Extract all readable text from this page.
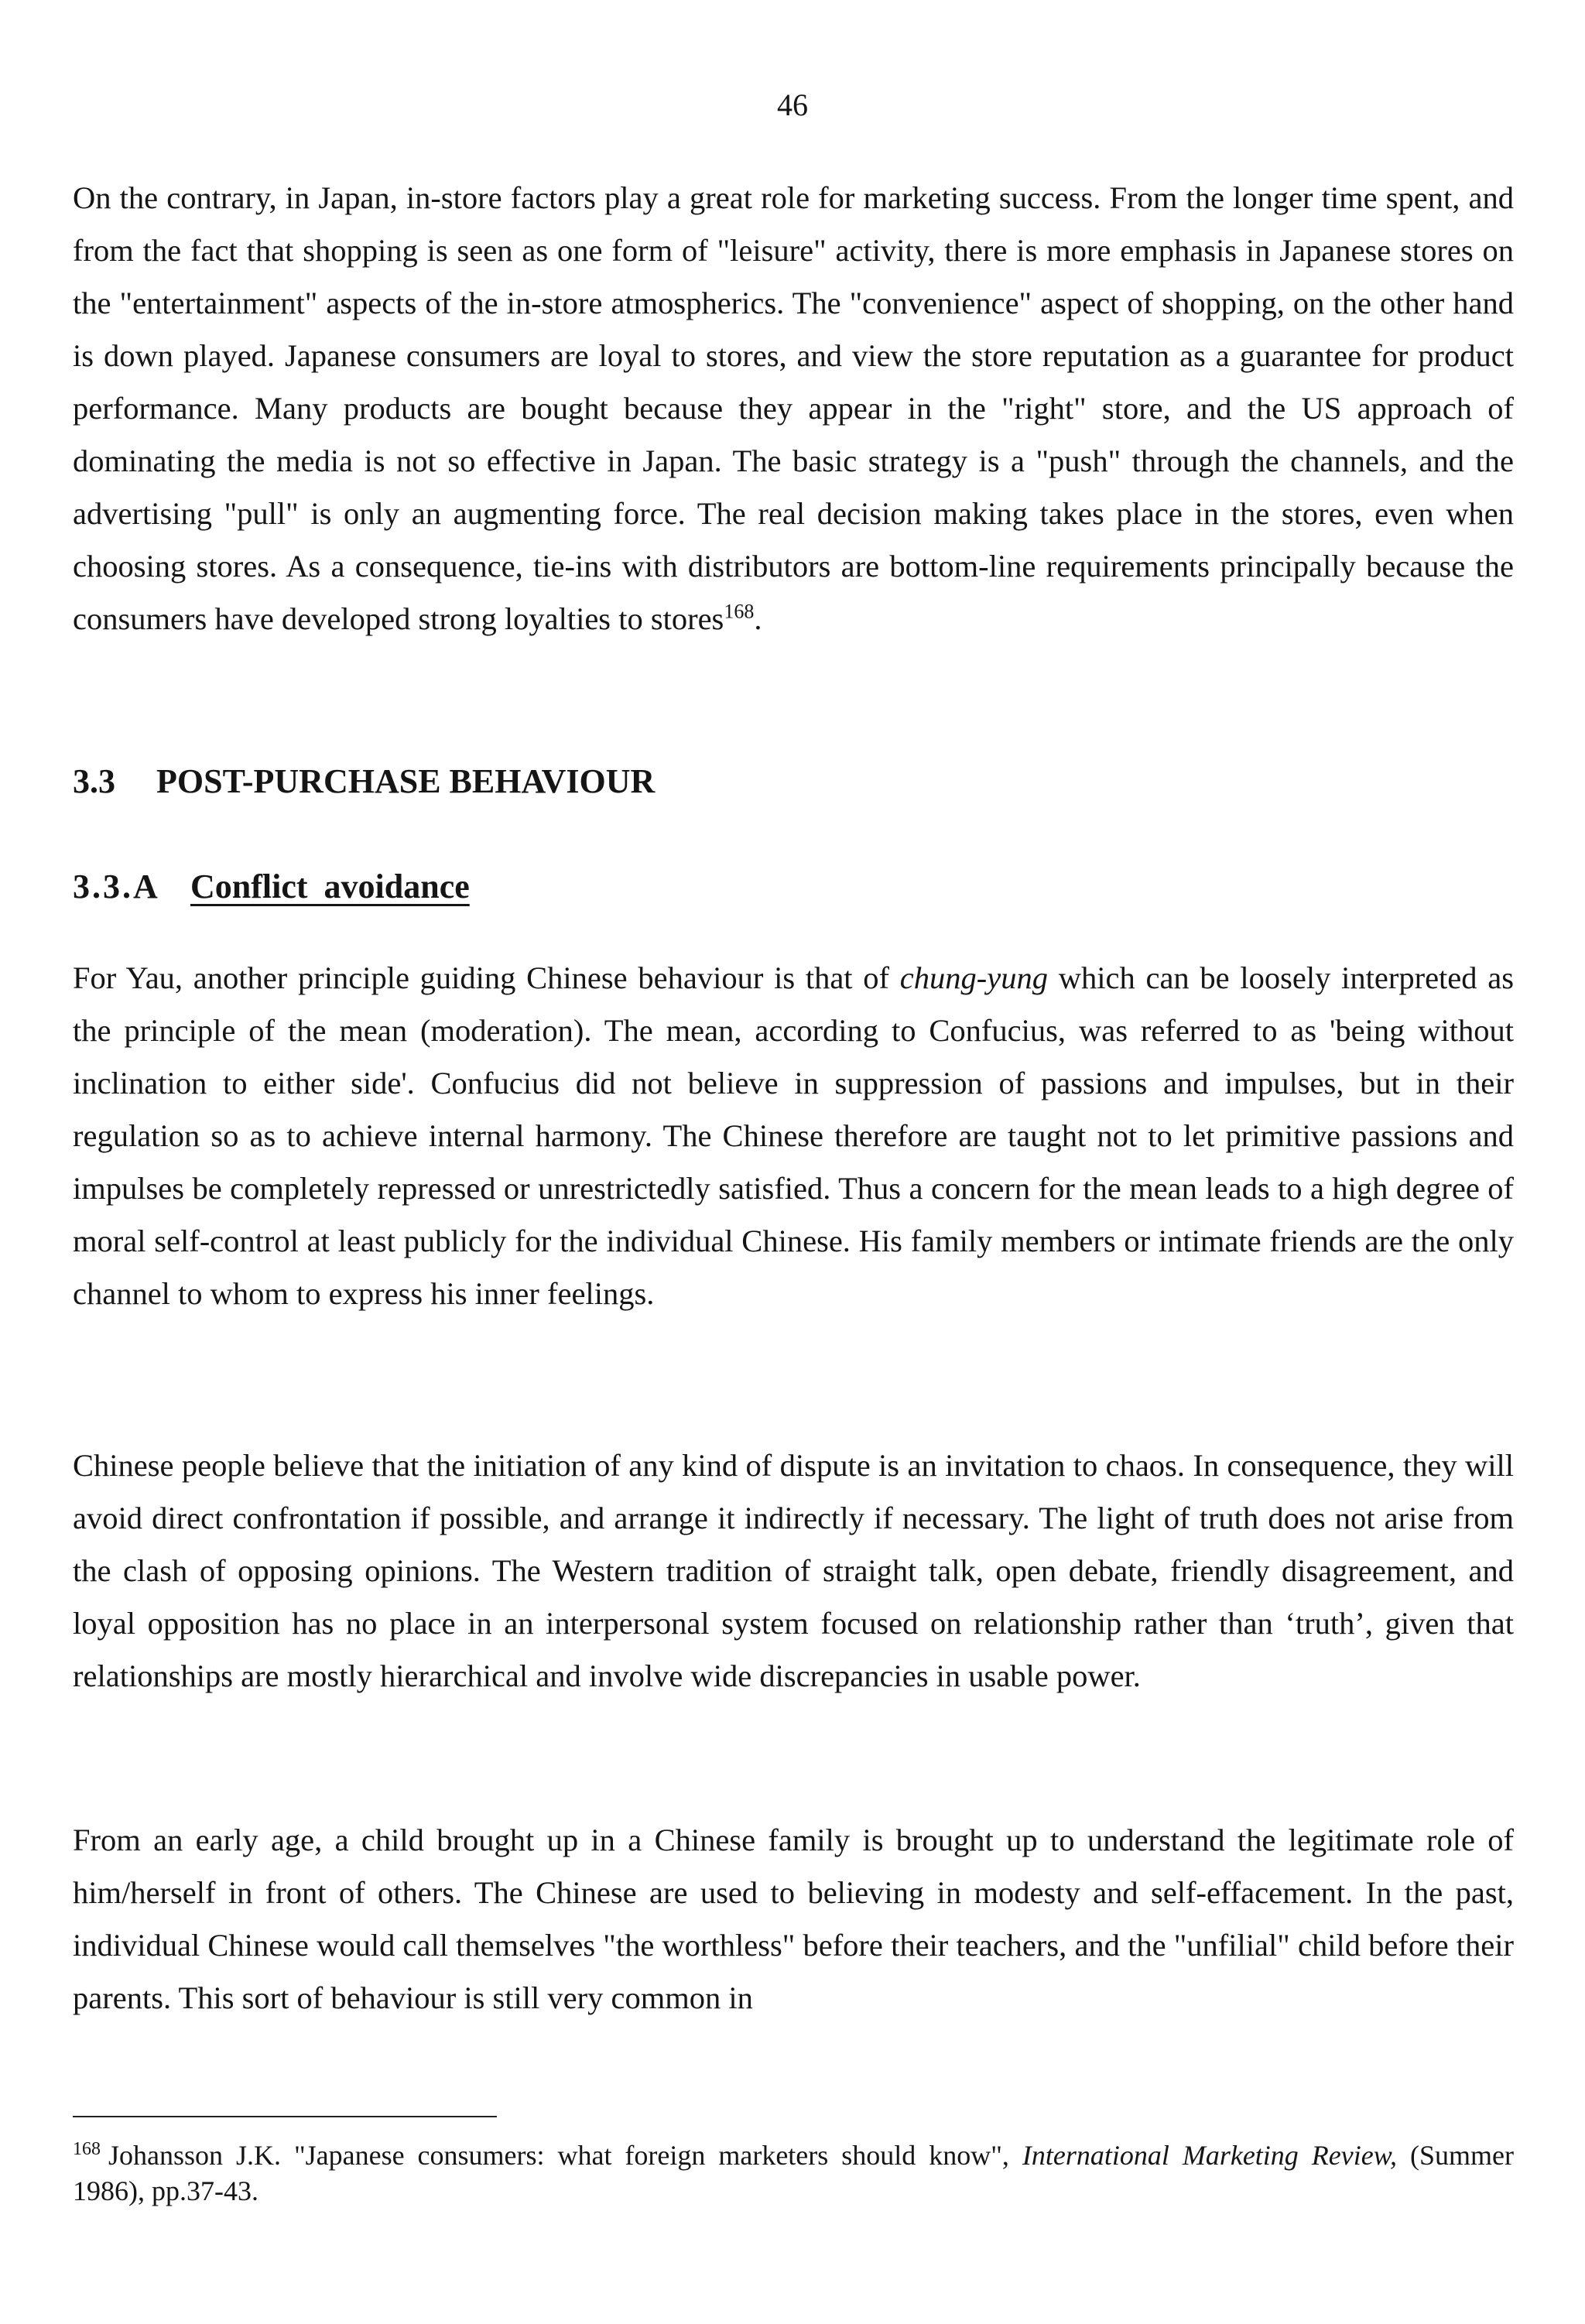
46

On the contrary, in Japan, in-store factors play a great role for marketing success. From the longer time spent, and from the fact that shopping is seen as one form of "leisure" activity, there is more emphasis in Japanese stores on the "entertainment" aspects of the in-store atmospherics. The "convenience" aspect of shopping, on the other hand is down played. Japanese consumers are loyal to stores, and view the store reputation as a guarantee for product performance. Many products are bought because they appear in the "right" store, and the US approach of dominating the media is not so effective in Japan. The basic strategy is a "push" through the channels, and the advertising "pull" is only an augmenting force. The real decision making takes place in the stores, even when choosing stores. As a consequence, tie-ins with distributors are bottom-line requirements principally because the consumers have developed strong loyalties to stores$^{168}$.

3.3 POST-PURCHASE BEHAVIOUR
3.3.A Conflict avoidance

For Yau, another principle guiding Chinese behaviour is that of chung-yung which can be loosely interpreted as the principle of the mean (moderation). The mean, according to Confucius, was referred to as 'being without inclination to either side'. Confucius did not believe in suppression of passions and impulses, but in their regulation so as to achieve internal harmony. The Chinese therefore are taught not to let primitive passions and impulses be completely repressed or unrestrictedly satisfied. Thus a concern for the mean leads to a high degree of moral self-control at least publicly for the individual Chinese. His family members or intimate friends are the only channel to whom to express his inner feelings.

Chinese people believe that the initiation of any kind of dispute is an invitation to chaos. In consequence, they will avoid direct confrontation if possible, and arrange it indirectly if necessary. The light of truth does not arise from the clash of opposing opinions. The Western tradition of straight talk, open debate, friendly disagreement, and loyal opposition has no place in an interpersonal system focused on relationship rather than ‘truth’, given that relationships are mostly hierarchical and involve wide discrepancies in usable power.

From an early age, a child brought up in a Chinese family is brought up to understand the legitimate role of him/herself in front of others. The Chinese are used to believing in modesty and self-effacement. In the past, individual Chinese would call themselves "the worthless" before their teachers, and the "unfilial" child before their parents. This sort of behaviour is still very common in

$^{168}$ Johansson J.K. "Japanese consumers: what foreign marketers should know", International Marketing Review, (Summer 1986), pp.37-43.
